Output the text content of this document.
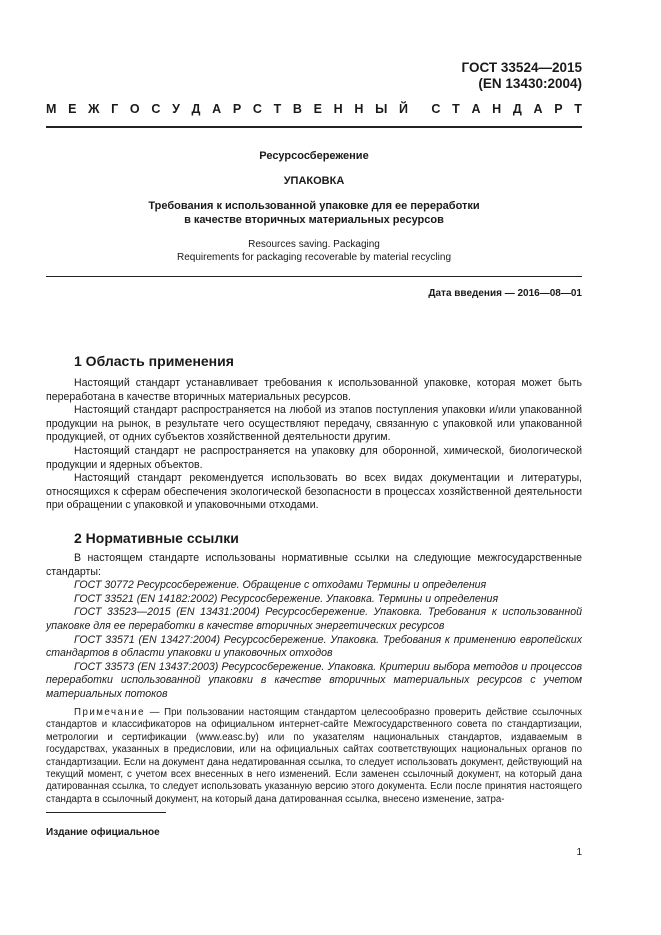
ГОСТ 33524—2015
(EN 13430:2004)
М Е Ж Г О С У Д А Р С Т В Е Н Н Ы Й С Т А Н Д А Р Т
Ресурсосбережение
УПАКОВКА
Требования к использованной упаковке для ее переработки
в качестве вторичных материальных ресурсов
Resources saving. Packaging
Requirements for packaging recoverable by material recycling
Дата введения — 2016—08—01
1 Область применения

Настоящий стандарт устанавливает требования к использованной упаковке, которая может быть переработана в качестве вторичных материальных ресурсов.

Настоящий стандарт распространяется на любой из этапов поступления упаковки и/или упакованной продукции на рынок, в результате чего осуществляют передачу, связанную с упаковкой или упакованной продукцией, от одних субъектов хозяйственной деятельности другим.

Настоящий стандарт не распространяется на упаковку для оборонной, химической, биологической продукции и ядерных объектов.

Настоящий стандарт рекомендуется использовать во всех видах документации и литературы, относящихся к сферам обеспечения экологической безопасности в процессах хозяйственной деятельности при обращении с упаковкой и упаковочными отходами.

2 Нормативные ссылки

В настоящем стандарте использованы нормативные ссылки на следующие межгосударственные стандарты:

ГОСТ 30772 Ресурсосбережение. Обращение с отходами Термины и определения

ГОСТ 33521 (EN 14182:2002) Ресурсосбережение. Упаковка. Термины и определения

ГОСТ 33523—2015 (EN 13431:2004) Ресурсосбережение. Упаковка. Требования к использованной упаковке для ее переработки в качестве вторичных энергетических ресурсов

ГОСТ 33571 (EN 13427:2004) Ресурсосбережение. Упаковка. Требования к применению европейских стандартов в области упаковки и упаковочных отходов

ГОСТ 33573 (EN 13437:2003) Ресурсосбережение. Упаковка. Критерии выбора методов и процессов переработки использованной упаковки в качестве вторичных материальных ресурсов с учетом материальных потоков

Примечание — При пользовании настоящим стандартом целесообразно проверить действие ссылочных стандартов и классификаторов на официальном интернет-сайте Межгосударственного совета по стандартизации, метрологии и сертификации (www.easc.by) или по указателям национальных стандартов, издаваемым в государствах, указанных в предисловии, или на официальных сайтах соответствующих национальных органов по стандартизации. Если на документ дана недатированная ссылка, то следует использовать документ, действующий на текущий момент, с учетом всех внесенных в него изменений. Если заменен ссылочный документ, на который дана датированная ссылка, то следует использовать указанную версию этого документа. Если после принятия настоящего стандарта в ссылочный документ, на который дана датированная ссылка, внесено изменение, затра-

Издание официальное
1
